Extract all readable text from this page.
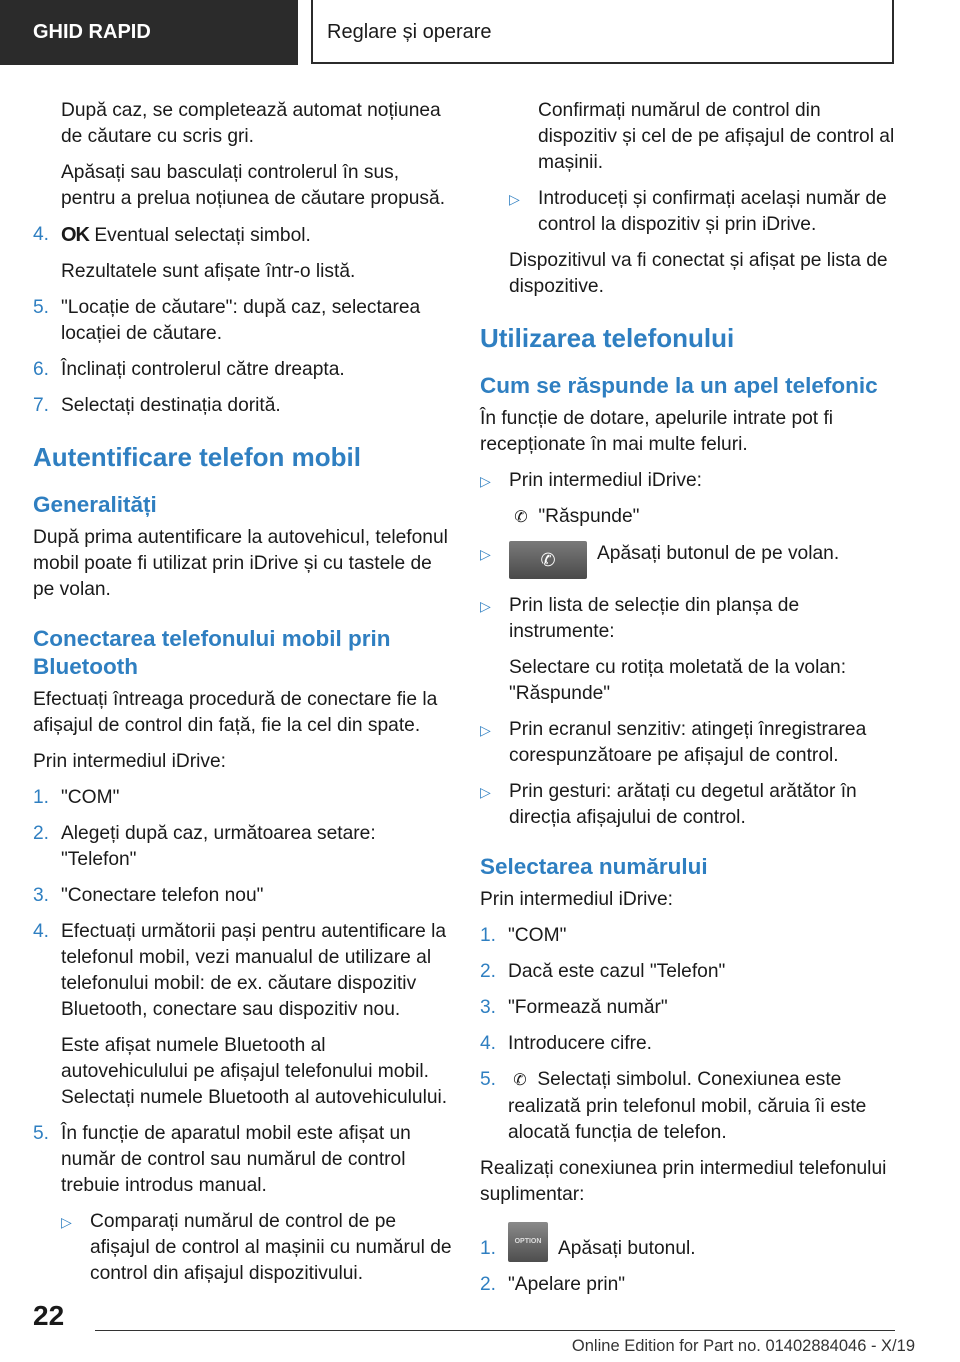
GHID RAPID	Reglare și operare

După caz, se completează automat noțiunea de căutare cu scris gri.

Apăsați sau basculați controlerul în sus, pentru a prelua noțiunea de căutare propusă.

4. OK Eventual selectați simbol.

Rezultatele sunt afișate într-o listă.

5. "Locație de căutare": după caz, selectarea locației de căutare.
6. Înclinați controlerul către dreapta.
7. Selectați destinația dorită.
Autentificare telefon mobil
Generalități

După prima autentificare la autovehicul, telefonul mobil poate fi utilizat prin iDrive și cu tastele de pe volan.

Conectarea telefonului mobil prin Bluetooth

Efectuați întreaga procedură de conectare fie la afișajul de control din față, fie la cel din spate.

Prin intermediul iDrive:

1. "COM"
2. Alegeți după caz, următoarea setare: "Telefon"
3. "Conectare telefon nou"
4. Efectuați următorii pași pentru autentificare la telefonul mobil, vezi manualul de utilizare al telefonului mobil: de ex. căutare dispozitiv Bluetooth, conectare sau dispozitiv nou.

Este afișat numele Bluetooth al autovehiculului pe afișajul telefonului mobil. Selectați numele Bluetooth al autovehiculului.

5. În funcție de aparatul mobil este afișat un număr de control sau numărul de control trebuie introdus manual.
▷ Comparați numărul de control de pe afișajul de control al mașinii cu numărul de control din afișajul dispozitivului.

Confirmați numărul de control din dispozitiv și cel de pe afișajul de control al mașinii.

▷ Introduceți și confirmați același număr de control la dispozitiv și prin iDrive.

Dispozitivul va fi conectat și afișat pe lista de dispozitive.

Utilizarea telefonului
Cum se răspunde la un apel telefonic

În funcție de dotare, apelurile intrate pot fi recepționate în mai multe feluri.

▷ Prin intermediul iDrive:

✆ "Răspunde"

▷	✆ Apăsați butonul de pe volan.
▷ Prin lista de selecție din planșa de instrumente:

Selectare cu rotița moletată de la volan: "Răspunde"

▷ Prin ecranul senzitiv: atingeți înregistrarea corespunzătoare pe afișajul de control.
▷ Prin gesturi: arătați cu degetul arătător în direcția afișajului de control.
Selectarea numărului

Prin intermediul iDrive:

1. "COM"
2. Dacă este cazul "Telefon"
3. "Formează număr"
4. Introducere cifre.
5.	✆ Selectați simbolul. Conexiunea este realizată prin telefonul mobil, căruia îi este alocată funcția de telefon.

Realizați conexiunea prin intermediul telefonului suplimentar:

1.	OPTION Apăsați butonul.
2. "Apelare prin"
22
Online Edition for Part no. 01402884046 - X/19
